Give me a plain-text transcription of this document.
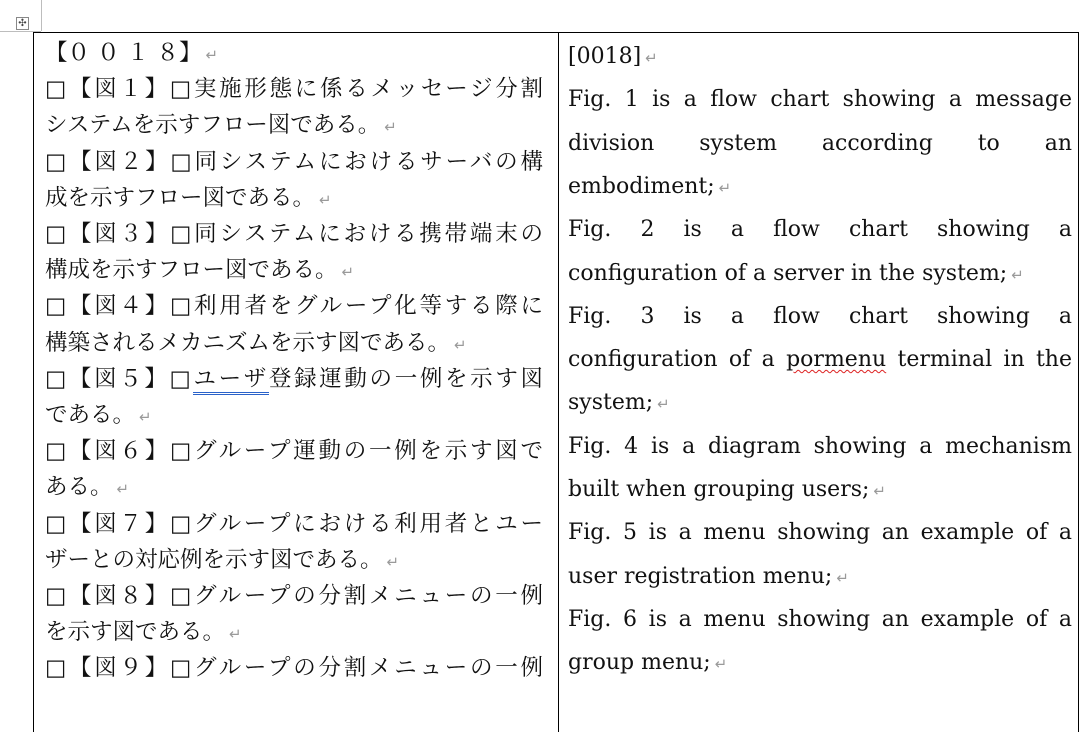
✣
【０ ０ １ ８】 ↵
□【図１】□実施形態に係るメッセージ分割
システムを示すフロー図である。 ↵
□【図２】□同システムにおけるサーバの構
成を示すフロー図である。 ↵
□【図３】□同システムにおける携帯端末の
構成を示すフロー図である。 ↵
□【図４】□利用者をグループ化等する際に
構築されるメカニズムを示す図である。 ↵
□【図５】□ユーザ登録運動の一例を示す図
である。 ↵
□【図６】□グループ運動の一例を示す図で
ある。 ↵
□【図７】□グループにおける利用者とユー
ザーとの対応例を示す図である。 ↵
□【図８】□グループの分割メニューの一例
を示す図である。 ↵
□【図９】□グループの分割メニューの一例
[0018] ↵
Fig. 1 is a flow chart showing a message
division system according to an
embodiment; ↵
Fig. 2 is a flow chart showing a
configuration of a server in the system; ↵
Fig. 3 is a flow chart showing a
configuration of a pormenu terminal in the
system; ↵
Fig. 4 is a diagram showing a mechanism
built when grouping users; ↵
Fig. 5 is a menu showing an example of a
user registration menu; ↵
Fig. 6 is a menu showing an example of a
group menu; ↵
